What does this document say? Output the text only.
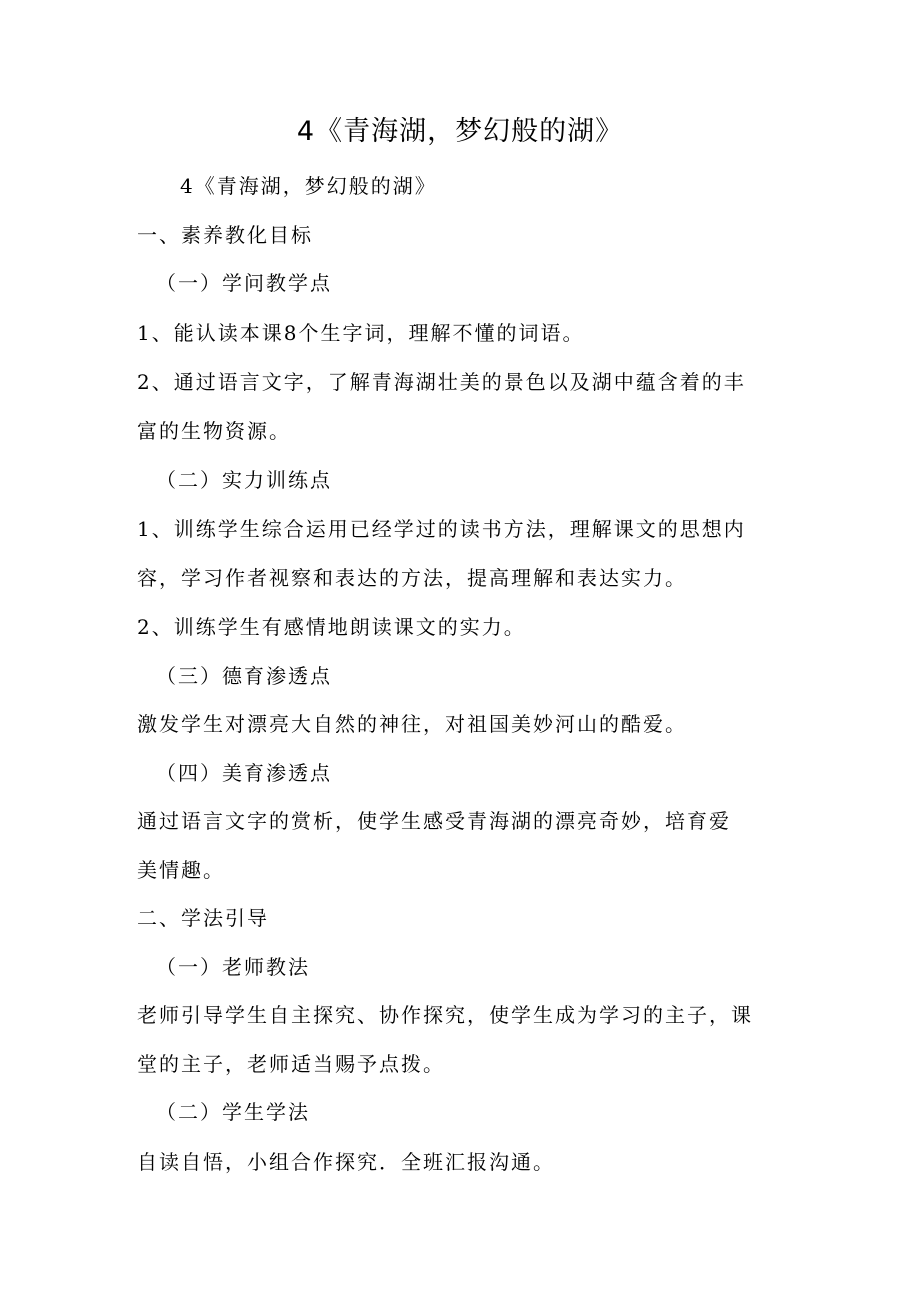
4《青海湖，梦幻般的湖》
4《青海湖，梦幻般的湖》
一、素养教化目标
（一）学问教学点
1、能认读本课8个生字词，理解不懂的词语。
2、通过语言文字，了解青海湖壮美的景色以及湖中蕴含着的丰
富的生物资源。
（二）实力训练点
1、训练学生综合运用已经学过的读书方法，理解课文的思想内
容，学习作者视察和表达的方法，提高理解和表达实力。
2、训练学生有感情地朗读课文的实力。
（三）德育渗透点
激发学生对漂亮大自然的神往，对祖国美妙河山的酷爱。
（四）美育渗透点
通过语言文字的赏析，使学生感受青海湖的漂亮奇妙，培育爱
美情趣。
二、学法引导
（一）老师教法
老师引导学生自主探究、协作探究，使学生成为学习的主子，课
堂的主子，老师适当赐予点拨。
（二）学生学法
自读自悟，小组合作探究．全班汇报沟通。
